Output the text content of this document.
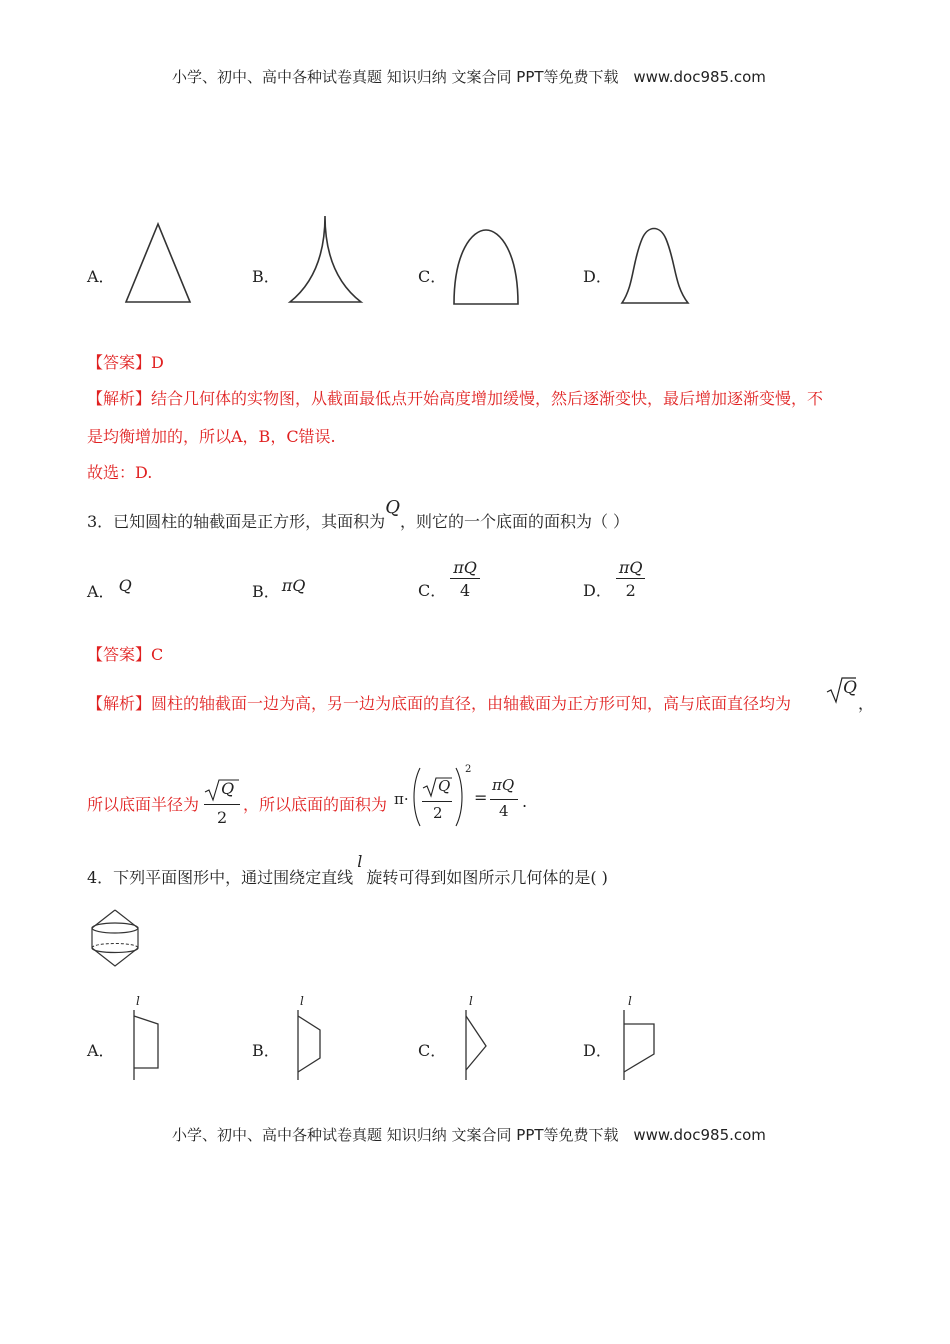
小学、初中、高中各种试卷真题 知识归纳 文案合同 PPT等免费下载 www.doc985.com
A．	B．	C．	D．
【答案】D
【解析】结合几何体的实物图，从截面最低点开始高度增加缓慢，然后逐渐变快，最后增加逐渐变慢，不
是均衡增加的，所以A，B，C错误.
故选：D.
3．已知圆柱的轴截面是正方形，其面积为Q，则它的一个底面的面积为（ ）
A． Q	B． πQ	C． $\frac{\pi Q}{4}$	D． $\frac{\pi Q}{2}$
【答案】C
【解析】圆柱的轴截面一边为高，另一边为底面的直径，由轴截面为正方形可知，高与底面直径均为
Q
，
所以底面半径为
Q
2
，所以底面的面积为 π·
Q
2
2
=
πQ
4 .
4．下列平面图形中，通过围绕定直线l旋转可得到如图所示几何体的是( )
A．
l
B．
l
C．
l
D．
l
小学、初中、高中各种试卷真题 知识归纳 文案合同 PPT等免费下载 www.doc985.com
